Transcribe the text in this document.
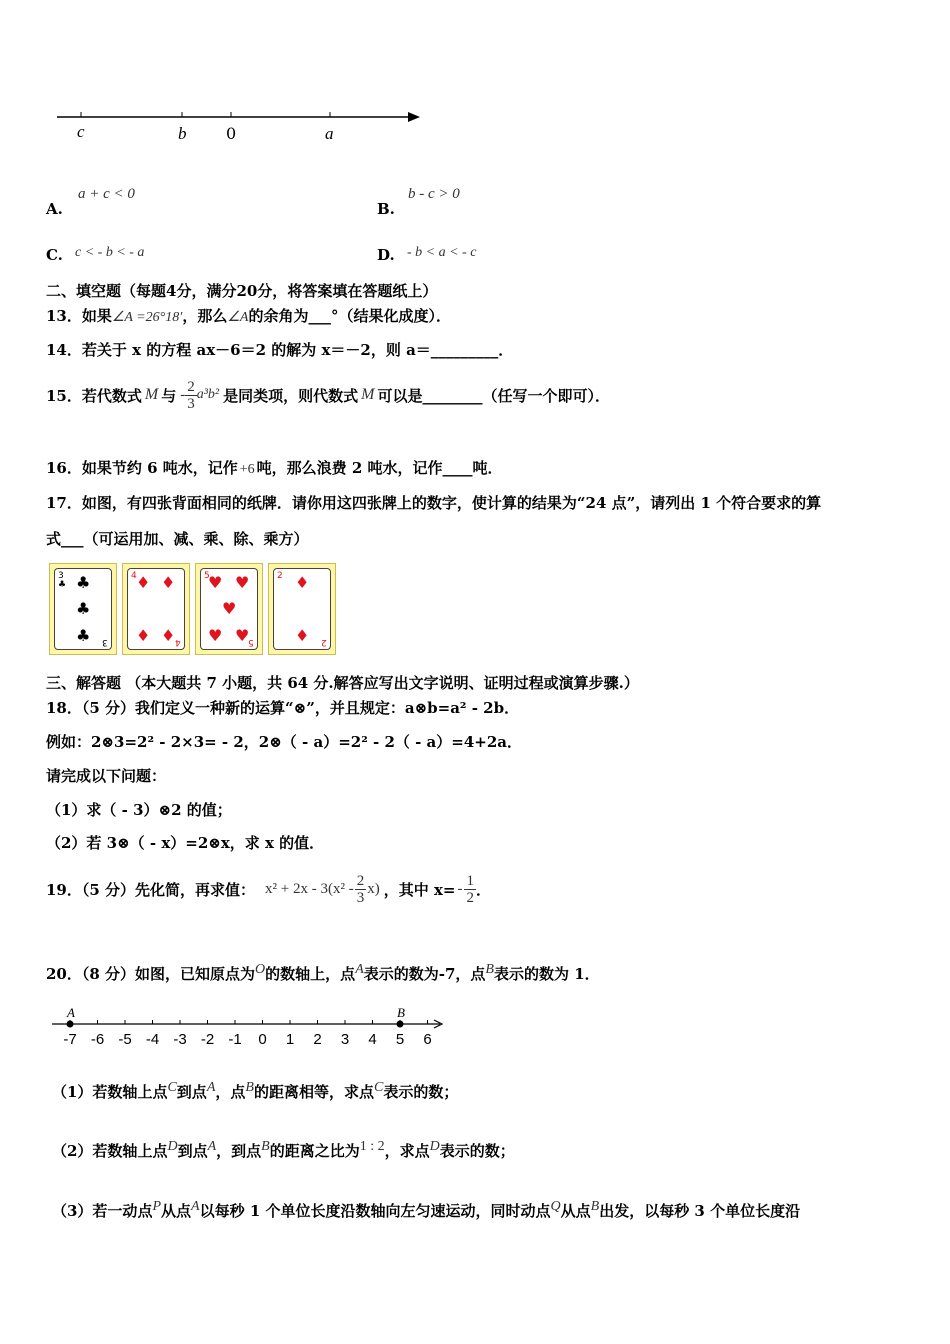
c	b 0	a
A.
a + c < 0
B.
b - c > 0
C. c < - b < - a	D. - b < a < - c
二、填空题（每题4分，满分20分，将答案填在答题纸上）
13．如果∠A =26°18′，那么∠A的余角为___°（结果化成度）．
14．若关于 x 的方程 ax－6＝2 的解为 x＝－2，则 a＝_________．
15．若代数式 M 与 - $\frac{2}{3} a^3b^2$ 是同类项，则代数式 M 可以是________（任写一个即可）．
16．如果节约 6 吨水，记作 +6 吨，那么浪费 2 吨水，记作____吨．
17．如图，有四张背面相同的纸牌．请你用这四张牌上的数字，使计算的结果为“24 点”，请列出 1 个符合要求的算
式___（可运用加、减、乘、除、乘方）
3
♣ ♣
♣
♣ 3
4 ♦ ♦
♦ ♦ 4
5
♥ ♥
♥
♥ ♥
5
2 ♦
♦ 2
三、解答题 （本大题共 7 小题，共 64 分.解答应写出文字说明、证明过程或演算步骤.）
18．（5 分）我们定义一种新的运算“⊗”，并且规定：a⊗b=a² - 2b．
例如：2⊗3=2² - 2×3= - 2，2⊗（ - a）=2² - 2（ - a）=4+2a．
请完成以下问题：
（1）求（ - 3）⊗2 的值；
（2）若 3⊗（ - x）=2⊗x，求 x 的值．
19．（5 分）先化简，再求值： $x^2 + 2x - 3(x^2 - \frac{2}{3} x)$ ，其中 $x= - \frac{1}{2}$ ．
20．（8 分）如图，已知原点为$^O$的数轴上，点$^A$表示的数为-7，点$^B$表示的数为 1．
-7 -6 -5 -4 -3 -2 -1 0 1 2 3 4 5 6
A	B
（1）若数轴上点$^C$到点$^A$，点$^B$的距离相等，求点$^C$表示的数；
（2）若数轴上点$^D$到点$^A$，到点$^B$的距离之比为$^{1 : 2}$，求点$^D$表示的数；
（3）若一动点$^P$从点$^A$以每秒 1 个单位长度沿数轴向左匀速运动，同时动点$^Q$从点$^B$出发，以每秒 3 个单位长度沿
